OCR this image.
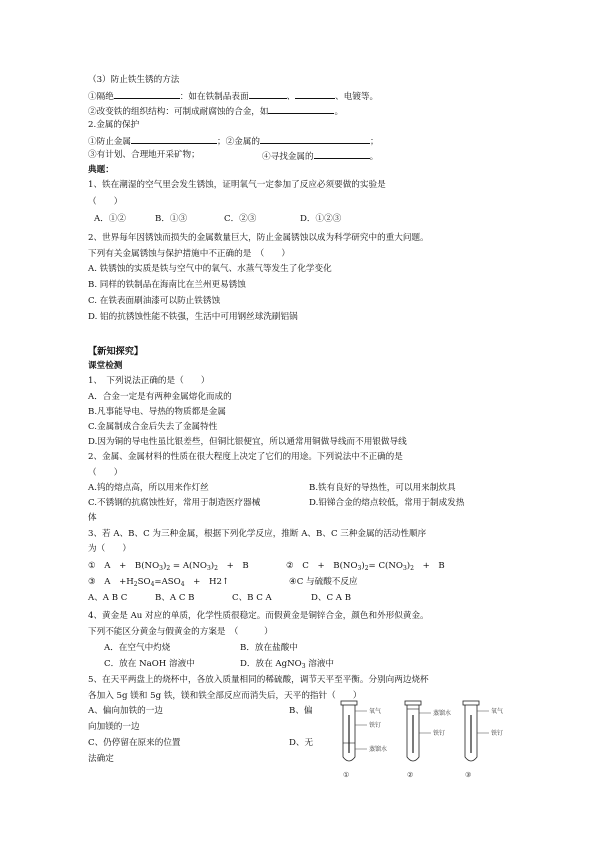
（3）防止铁生锈的方法
①隔绝	：如在铁制品表面	、	、电镀等。
②改变铁的组织结构：可制成耐腐蚀的合金，如	。
2.金属的保护
①防止金属	；②金属的	；
③有计划、合理地开采矿物；	④寻找金属的	。
典题：
1、铁在潮湿的空气里会发生锈蚀，证明氧气一定参加了反应必须要做的实验是
（　　）
A．①②	B．①③	C．②③	D．①②③
2、世界每年因锈蚀而损失的金属数量巨大，防止金属锈蚀以成为科学研究中的重大问题。
下列有关金属锈蚀与保护措施中不正确的是　（　　）
A. 铁锈蚀的实质是铁与空气中的氧气、水蒸气等发生了化学变化
B. 同样的铁制品在海南比在兰州更易锈蚀
C. 在铁表面刷油漆可以防止铁锈蚀
D. 铝的抗锈蚀性能不铁强，生活中可用钢丝球洗刷铝锅
【新知探究】
课堂检测
1、　下列说法正确的是（　　）
A．合金一定是有两种金属熔化而成的
B.凡事能导电、导热的物质都是金属
C.金属制成合金后失去了金属特性
D.因为铜的导电性虽比银差些，但铜比银便宜，所以通常用铜做导线而不用银做导线
2、金属、金属材料的性质在很大程度上决定了它们的用途。下列说法中不正确的是
（　　）
A.钨的熔点高，所以用来作灯丝	B.铁有良好的导热性，可以用来制炊具
C.不锈钢的抗腐蚀性好，常用于制造医疗器械	D.铅锑合金的熔点较低，常用于制成发热
体
3、若 A、B、C 为三种金属，根据下列化学反应，推断 A、B、C 三种金属的活动性顺序
为（　　）
①　A　+　$B(NO_3)_2 = A(NO_3)_2$　+　B	②　C　+　$B(NO_3)_2= C(NO_3)_2$　+　B
③　A　$+H_2SO_4=ASO_4$　+　H2↑	④C 与硫酸不反应
A、A B C	B、A C B	C、B C A	D、C A B
4、黄金是 Au 对应的单质，化学性质很稳定。而假黄金是铜锌合金，颜色和外形似黄金。
下列不能区分黄金与假黄金的方案是　（　　　）
A．在空气中灼烧	B．放在盐酸中
C．放在 NaOH 溶液中	D．放在 AgNO$_3$ 溶液中
5、在天平两盘上的烧杯中，各放入质量相同的稀硫酸，调节天平至平衡。分别向两边烧杯
各加入 5g 镁和 5g 铁，镁和铁全部反应而消失后，天平的指针（　　）
A、偏向加铁的一边	B、偏
向加镁的一边
C、仍停留在原来的位置	D、无
法确定
氧气
铁钉
蒸馏水
①
蒸馏水
铁钉
②
氧气
铁钉
③
